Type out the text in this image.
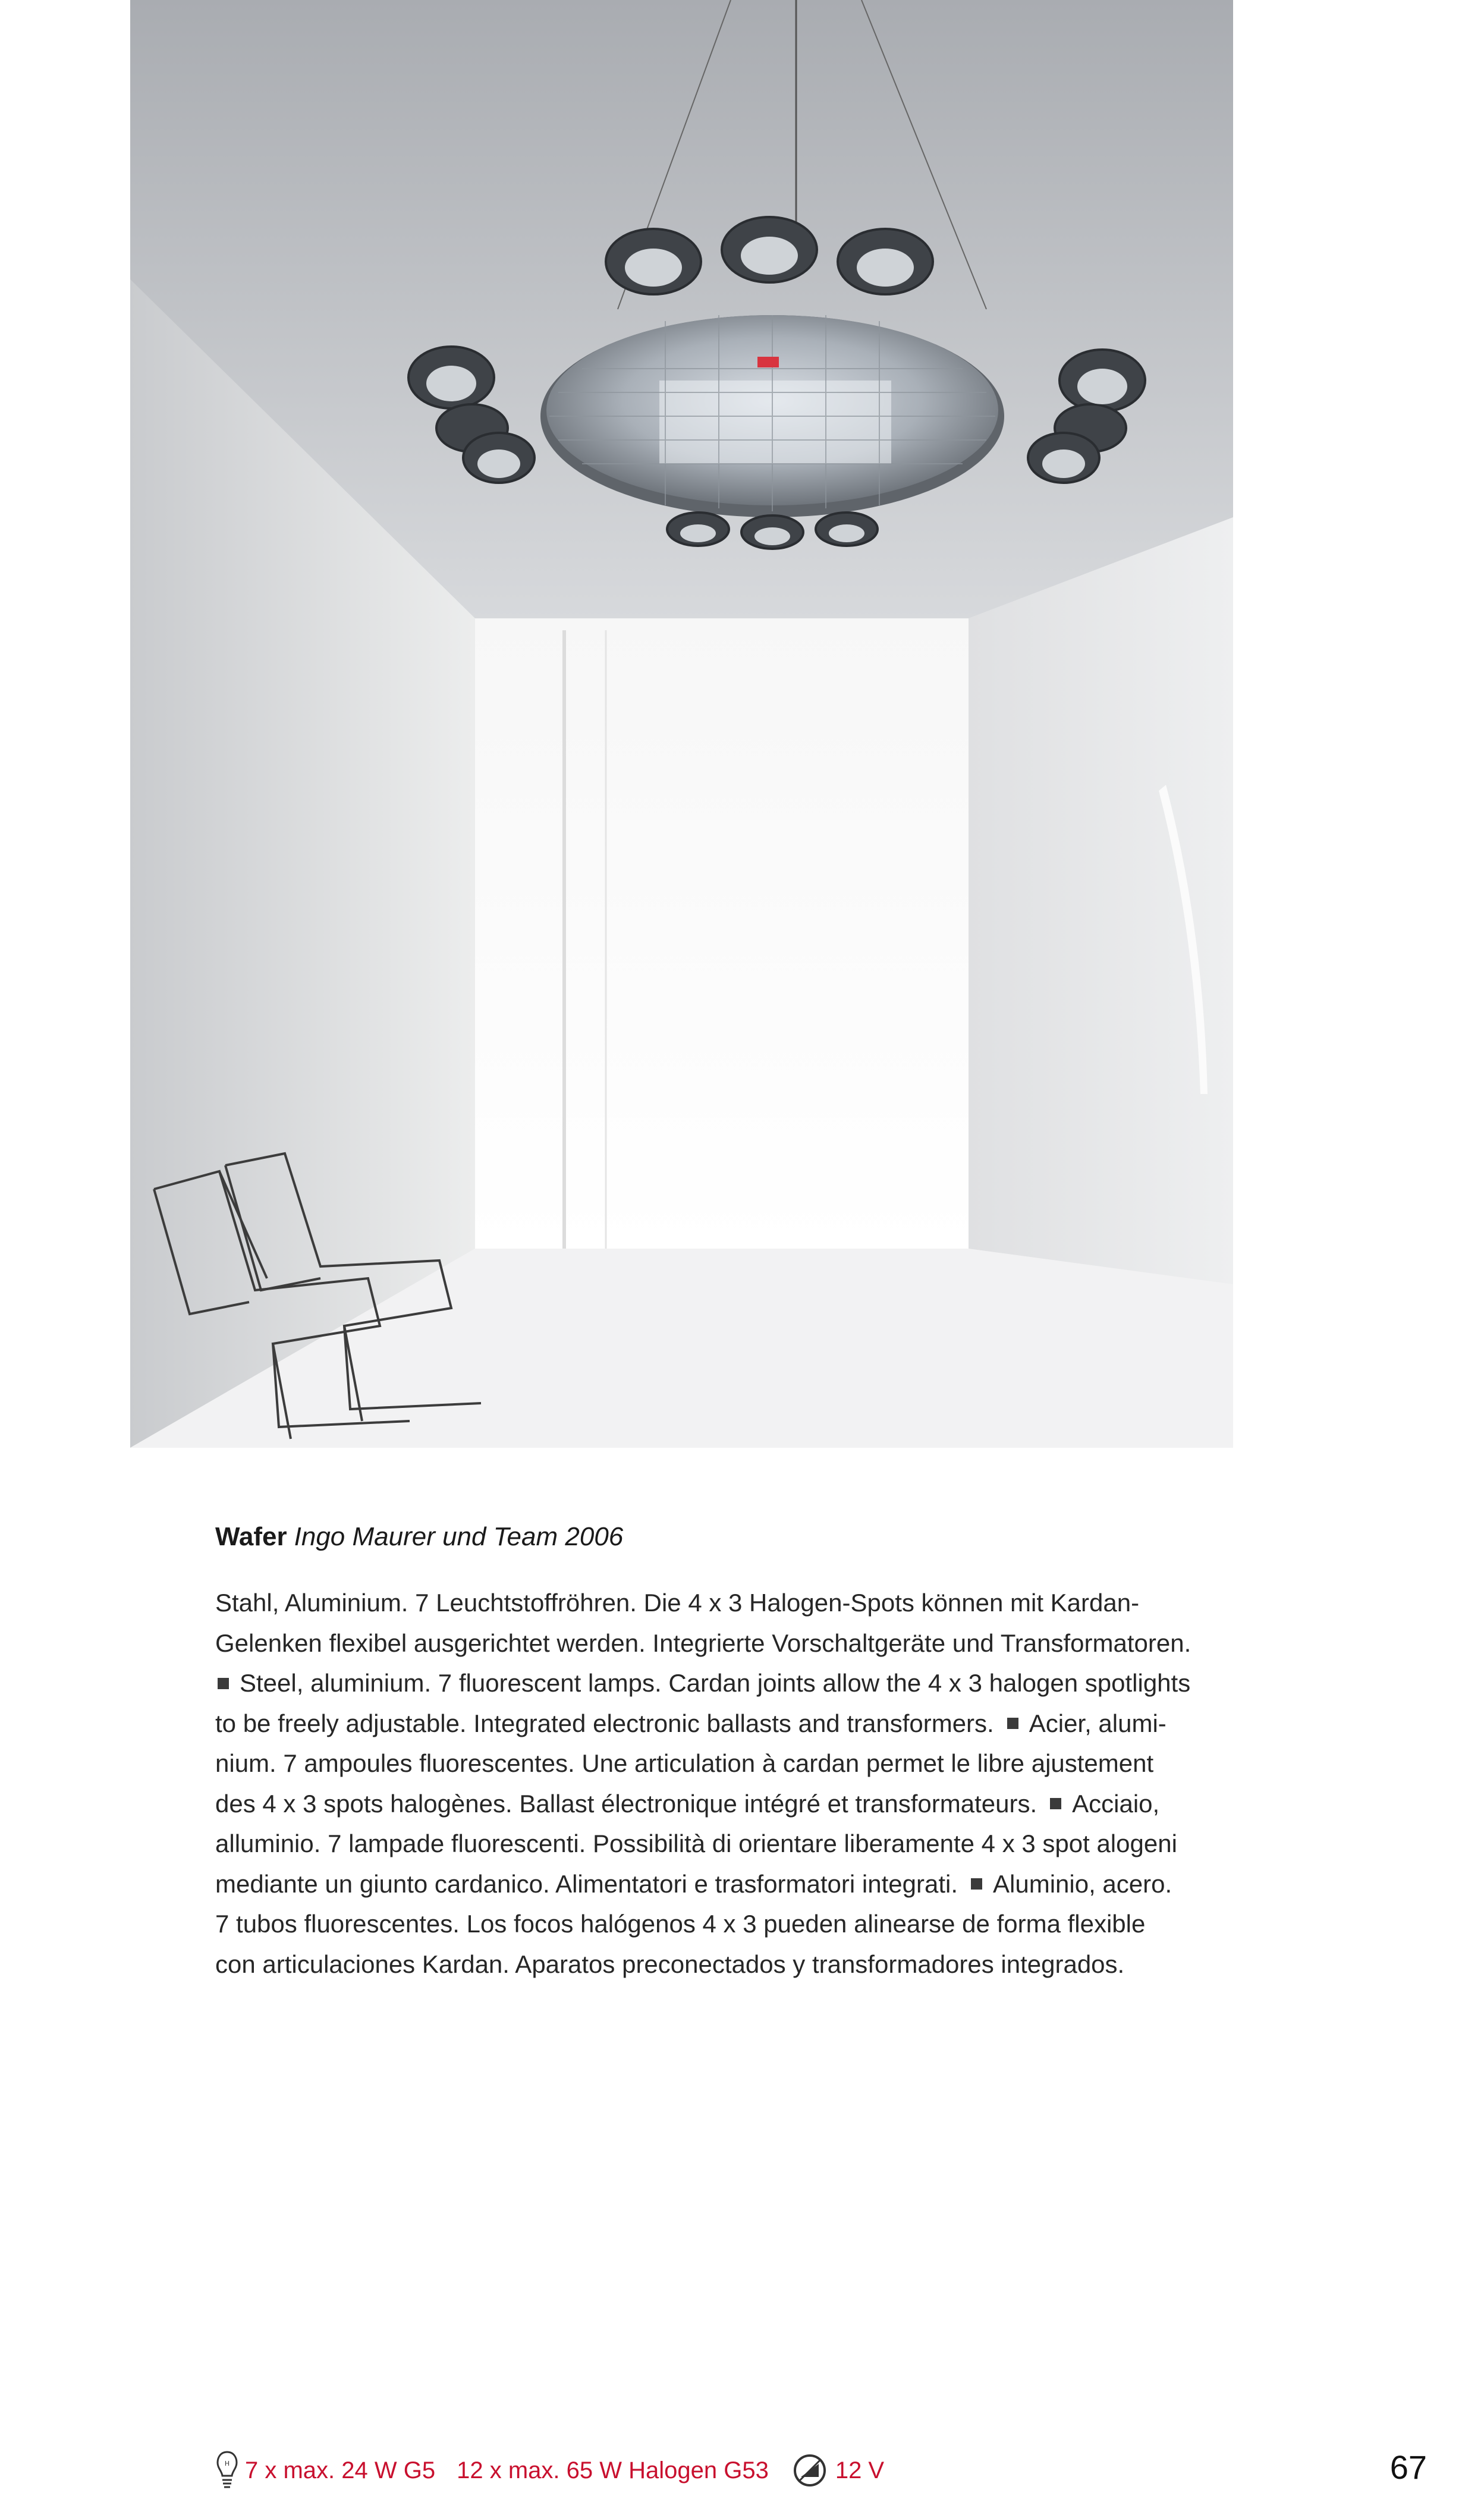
Wafer Ingo Maurer und Team 2006

Stahl, Aluminium. 7 Leuchtstoffröhren. Die 4 x 3 Halogen-Spots können mit Kardan-
Gelenken flexibel ausgerichtet werden. Integrierte Vorschaltgeräte und Transformatoren.
Steel, aluminium. 7 fluorescent lamps. Cardan joints allow the 4 x 3 halogen spotlights
to be freely adjustable. Integrated electronic ballasts and transformers. Acier, alumi-
nium. 7 ampoules fluorescentes. Une articulation à cardan permet le libre ajustement
des 4 x 3 spots halogènes. Ballast électronique intégré et transformateurs. Acciaio,
alluminio. 7 lampade fluorescenti. Possibilità di orientare liberamente 4 x 3 spot alogeni
mediante un giunto cardanico. Alimentatori e trasformatori integrati. Aluminio, acero.
7 tubos fluorescentes. Los focos halógenos 4 x 3 pueden alinearse de forma flexible
con articulaciones Kardan. Aparatos preconectados y transformadores integrados.

H 7 x max. 24 W G5 12 x max. 65 W Halogen G53	12 V	67
